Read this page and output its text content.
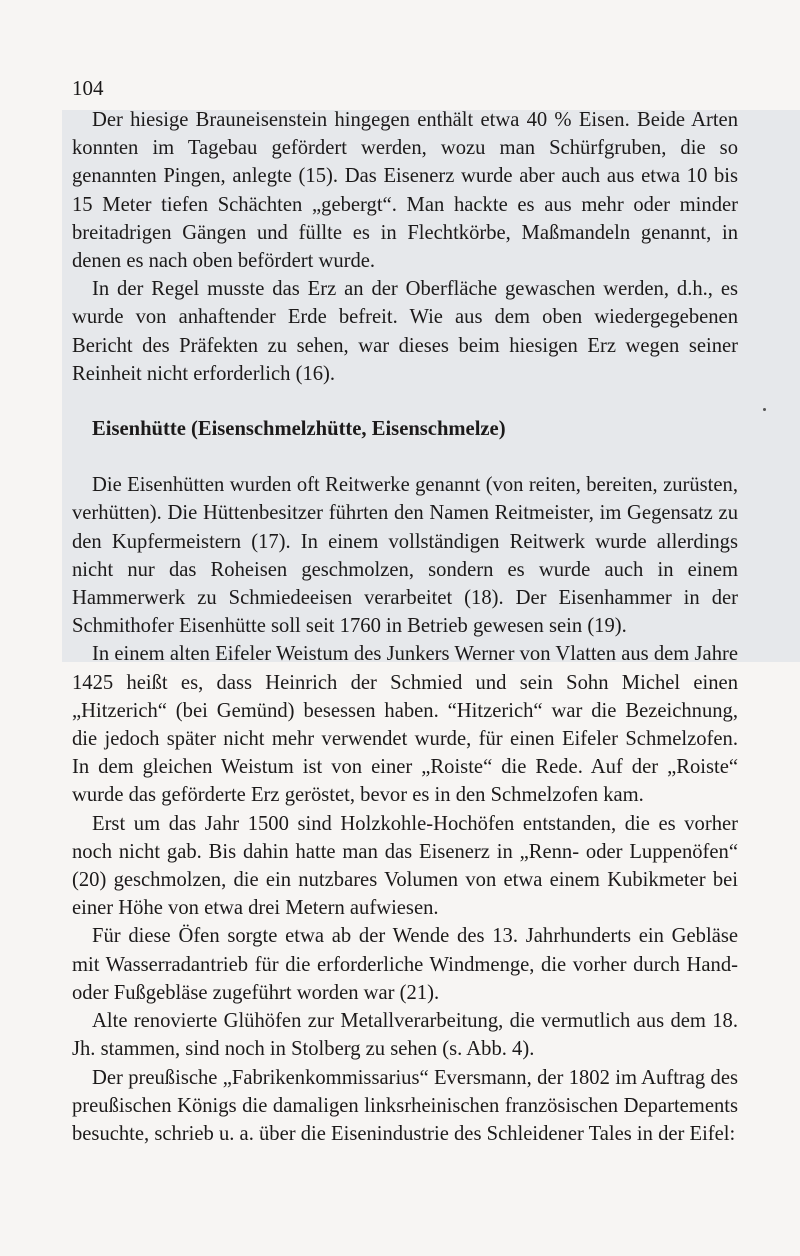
104

Der hiesige Brauneisenstein hingegen enthält etwa 40 % Eisen. Beide Arten konnten im Tagebau gefördert werden, wozu man Schürfgruben, die so genannten Pingen, anlegte (15). Das Eisenerz wurde aber auch aus etwa 10 bis 15 Meter tiefen Schächten „gebergt“. Man hackte es aus mehr oder minder breitadrigen Gängen und füllte es in Flechtkörbe, Maßmandeln genannt, in denen es nach oben befördert wurde.

In der Regel musste das Erz an der Oberfläche gewaschen werden, d.h., es wurde von anhaftender Erde befreit. Wie aus dem oben wiedergegebenen Bericht des Präfekten zu sehen, war dieses beim hiesigen Erz wegen seiner Reinheit nicht erforderlich (16).

Eisenhütte (Eisenschmelzhütte, Eisenschmelze)

Die Eisenhütten wurden oft Reitwerke genannt (von reiten, bereiten, zurüsten, verhütten). Die Hüttenbesitzer führten den Namen Reitmeister, im Gegensatz zu den Kupfermeistern (17). In einem vollständigen Reitwerk wurde allerdings nicht nur das Roheisen geschmolzen, sondern es wurde auch in einem Hammerwerk zu Schmiedeeisen verarbeitet (18). Der Eisenhammer in der Schmithofer Eisenhütte soll seit 1760 in Betrieb gewesen sein (19).

In einem alten Eifeler Weistum des Junkers Werner von Vlatten aus dem Jahre 1425 heißt es, dass Heinrich der Schmied und sein Sohn Michel einen „Hitzerich“ (bei Gemünd) besessen haben. “Hitzerich“ war die Bezeichnung, die jedoch später nicht mehr verwendet wurde, für einen Eifeler Schmelzofen. In dem gleichen Weistum ist von einer „Roiste“ die Rede. Auf der „Roiste“ wurde das geförderte Erz geröstet, bevor es in den Schmelzofen kam.

Erst um das Jahr 1500 sind Holzkohle-Hochöfen entstanden, die es vorher noch nicht gab. Bis dahin hatte man das Eisenerz in „Renn- oder Luppenöfen“ (20) geschmolzen, die ein nutzbares Volumen von etwa einem Kubikmeter bei einer Höhe von etwa drei Metern aufwiesen.

Für diese Öfen sorgte etwa ab der Wende des 13. Jahrhunderts ein Gebläse mit Wasserradantrieb für die erforderliche Windmenge, die vorher durch Hand- oder Fußgebläse zugeführt worden war (21).

Alte renovierte Glühöfen zur Metallverarbeitung, die vermutlich aus dem 18. Jh. stammen, sind noch in Stolberg zu sehen (s. Abb. 4).

Der preußische „Fabrikenkommissarius“ Eversmann, der 1802 im Auftrag des preußischen Königs die damaligen linksrheinischen französischen Departements besuchte, schrieb u. a. über die Eisenindustrie des Schleidener Tales in der Eifel:
